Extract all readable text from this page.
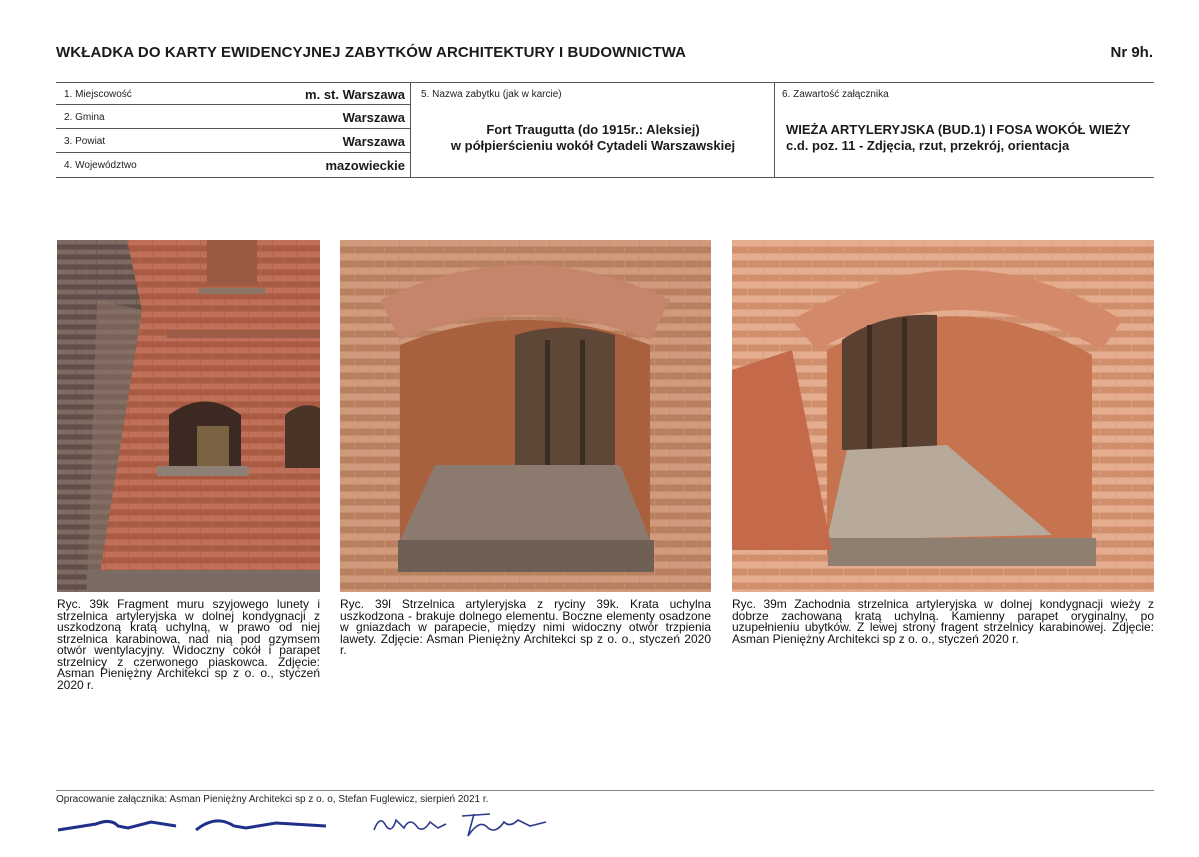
WKŁADKA DO KARTY EWIDENCYJNEJ ZABYTKÓW ARCHITEKTURY I BUDOWNICTWA	Nr 9h.
1. Miejscowość	m. st. Warszawa
2. Gmina	Warszawa
3. Powiat	Warszawa
4. Województwo	mazowieckie
5. Nazwa zabytku (jak w karcie)
Fort Traugutta (do 1915r.: Aleksiej)
w półpierścieniu wokół Cytadeli Warszawskiej
6. Zawartość załącznika
WIEŻA ARTYLERYJSKA (BUD.1) I FOSA WOKÓŁ WIEŻY
c.d. poz. 11 - Zdjęcia, rzut, przekrój, orientacja
Ryc. 39k Fragment muru szyjowego lunety i strzelnica artyleryjska w dolnej kondygnacji z uszkodzoną kratą uchylną, w prawo od niej strzelnica karabinowa, nad nią pod gzymsem otwór wentylacyjny. Widoczny cokół i parapet strzelnicy z czerwonego piaskowca. Zdjęcie: Asman Pieniężny Architekci sp z o. o., styczeń 2020 r.
Ryc. 39l Strzelnica artyleryjska z ryciny 39k. Krata uchylna uszkodzona - brakuje dolnego elementu. Boczne elementy osadzone w gniazdach w parapecie, między nimi widoczny otwór trzpienia lawety. Zdjęcie: Asman Pieniężny Architekci sp z o. o., styczeń 2020 r.
Ryc. 39m Zachodnia strzelnica artyleryjska w dolnej kondygnacji wieży z dobrze zachowaną kratą uchylną. Kamienny parapet oryginalny, po uzupełnieniu ubytków. Z lewej strony fragent strzelnicy karabinowej. Zdjęcie: Asman Pieniężny Architekci sp z o. o., styczeń 2020 r.
Opracowanie załącznika: Asman Pieniężny Architekci sp z o. o, Stefan Fuglewicz, sierpień 2021 r.
